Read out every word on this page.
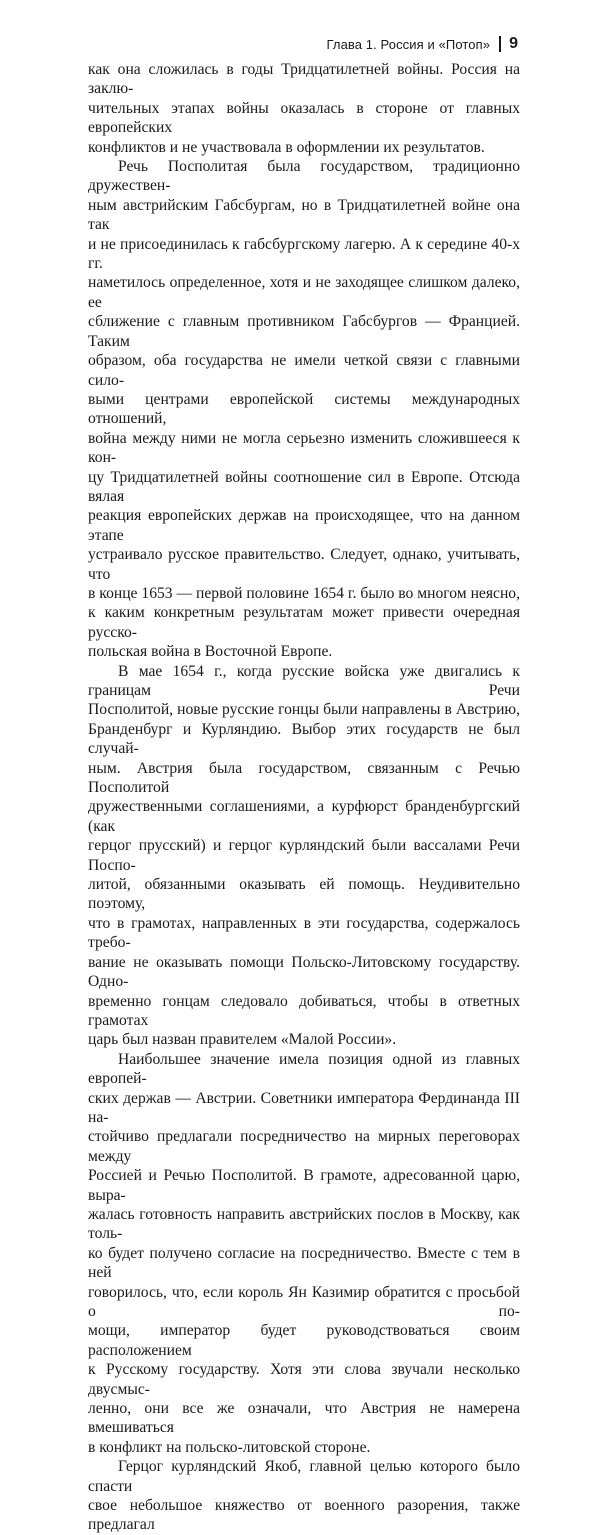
Глава 1. Россия и «Потоп» 9

как она сложилась в годы Тридцатилетней войны. Россия на заклю-

чительных этапах войны оказалась в стороне от главных европейских

конфликтов и не участвовала в оформлении их результатов.

Речь Посполитая была государством, традиционно дружествен-

ным австрийским Габсбургам, но в Тридцатилетней войне она так

и не присоединилась к габсбургскому лагерю. А к середине 40-х гг.

наметилось определенное, хотя и не заходящее слишком далеко, ее

сближение с главным противником Габсбургов — Францией. Таким

образом, оба государства не имели четкой связи с главными сило-

выми центрами европейской системы международных отношений,

война между ними не могла серьезно изменить сложившееся к кон-

цу Тридцатилетней войны соотношение сил в Европе. Отсюда вялая

реакция европейских держав на происходящее, что на данном этапе

устраивало русское правительство. Следует, однако, учитывать, что

в конце 1653 — первой половине 1654 г. было во многом неясно,

к каким конкретным результатам может привести очередная русско-

польская война в Восточной Европе.

В мае 1654 г., когда русские войска уже двигались к границам Речи

Посполитой, новые русские гонцы были направлены в Австрию,

Бранденбург и Курляндию. Выбор этих государств не был случай-

ным. Австрия была государством, связанным с Речью Посполитой

дружественными соглашениями, а курфюрст бранденбургский (как

герцог прусский) и герцог курляндский были вассалами Речи Поспо-

литой, обязанными оказывать ей помощь. Неудивительно поэтому,

что в грамотах, направленных в эти государства, содержалось требо-

вание не оказывать помощи Польско-Литовскому государству. Одно-

временно гонцам следовало добиваться, чтобы в ответных грамотах

царь был назван правителем «Малой России».

Наибольшее значение имела позиция одной из главных европей-

ских держав — Австрии. Советники императора Фердинанда III на-

стойчиво предлагали посредничество на мирных переговорах между

Россией и Речью Посполитой. В грамоте, адресованной царю, выра-

жалась готовность направить австрийских послов в Москву, как толь-

ко будет получено согласие на посредничество. Вместе с тем в ней

говорилось, что, если король Ян Казимир обратится с просьбой о по-

мощи, император будет руководствоваться своим расположением

к Русскому государству. Хотя эти слова звучали несколько двусмыс-

ленно, они все же означали, что Австрия не намерена вмешиваться

в конфликт на польско-литовской стороне.

Герцог курляндский Якоб, главной целью которого было спасти

свое небольшое княжество от военного разорения, также предлагал
